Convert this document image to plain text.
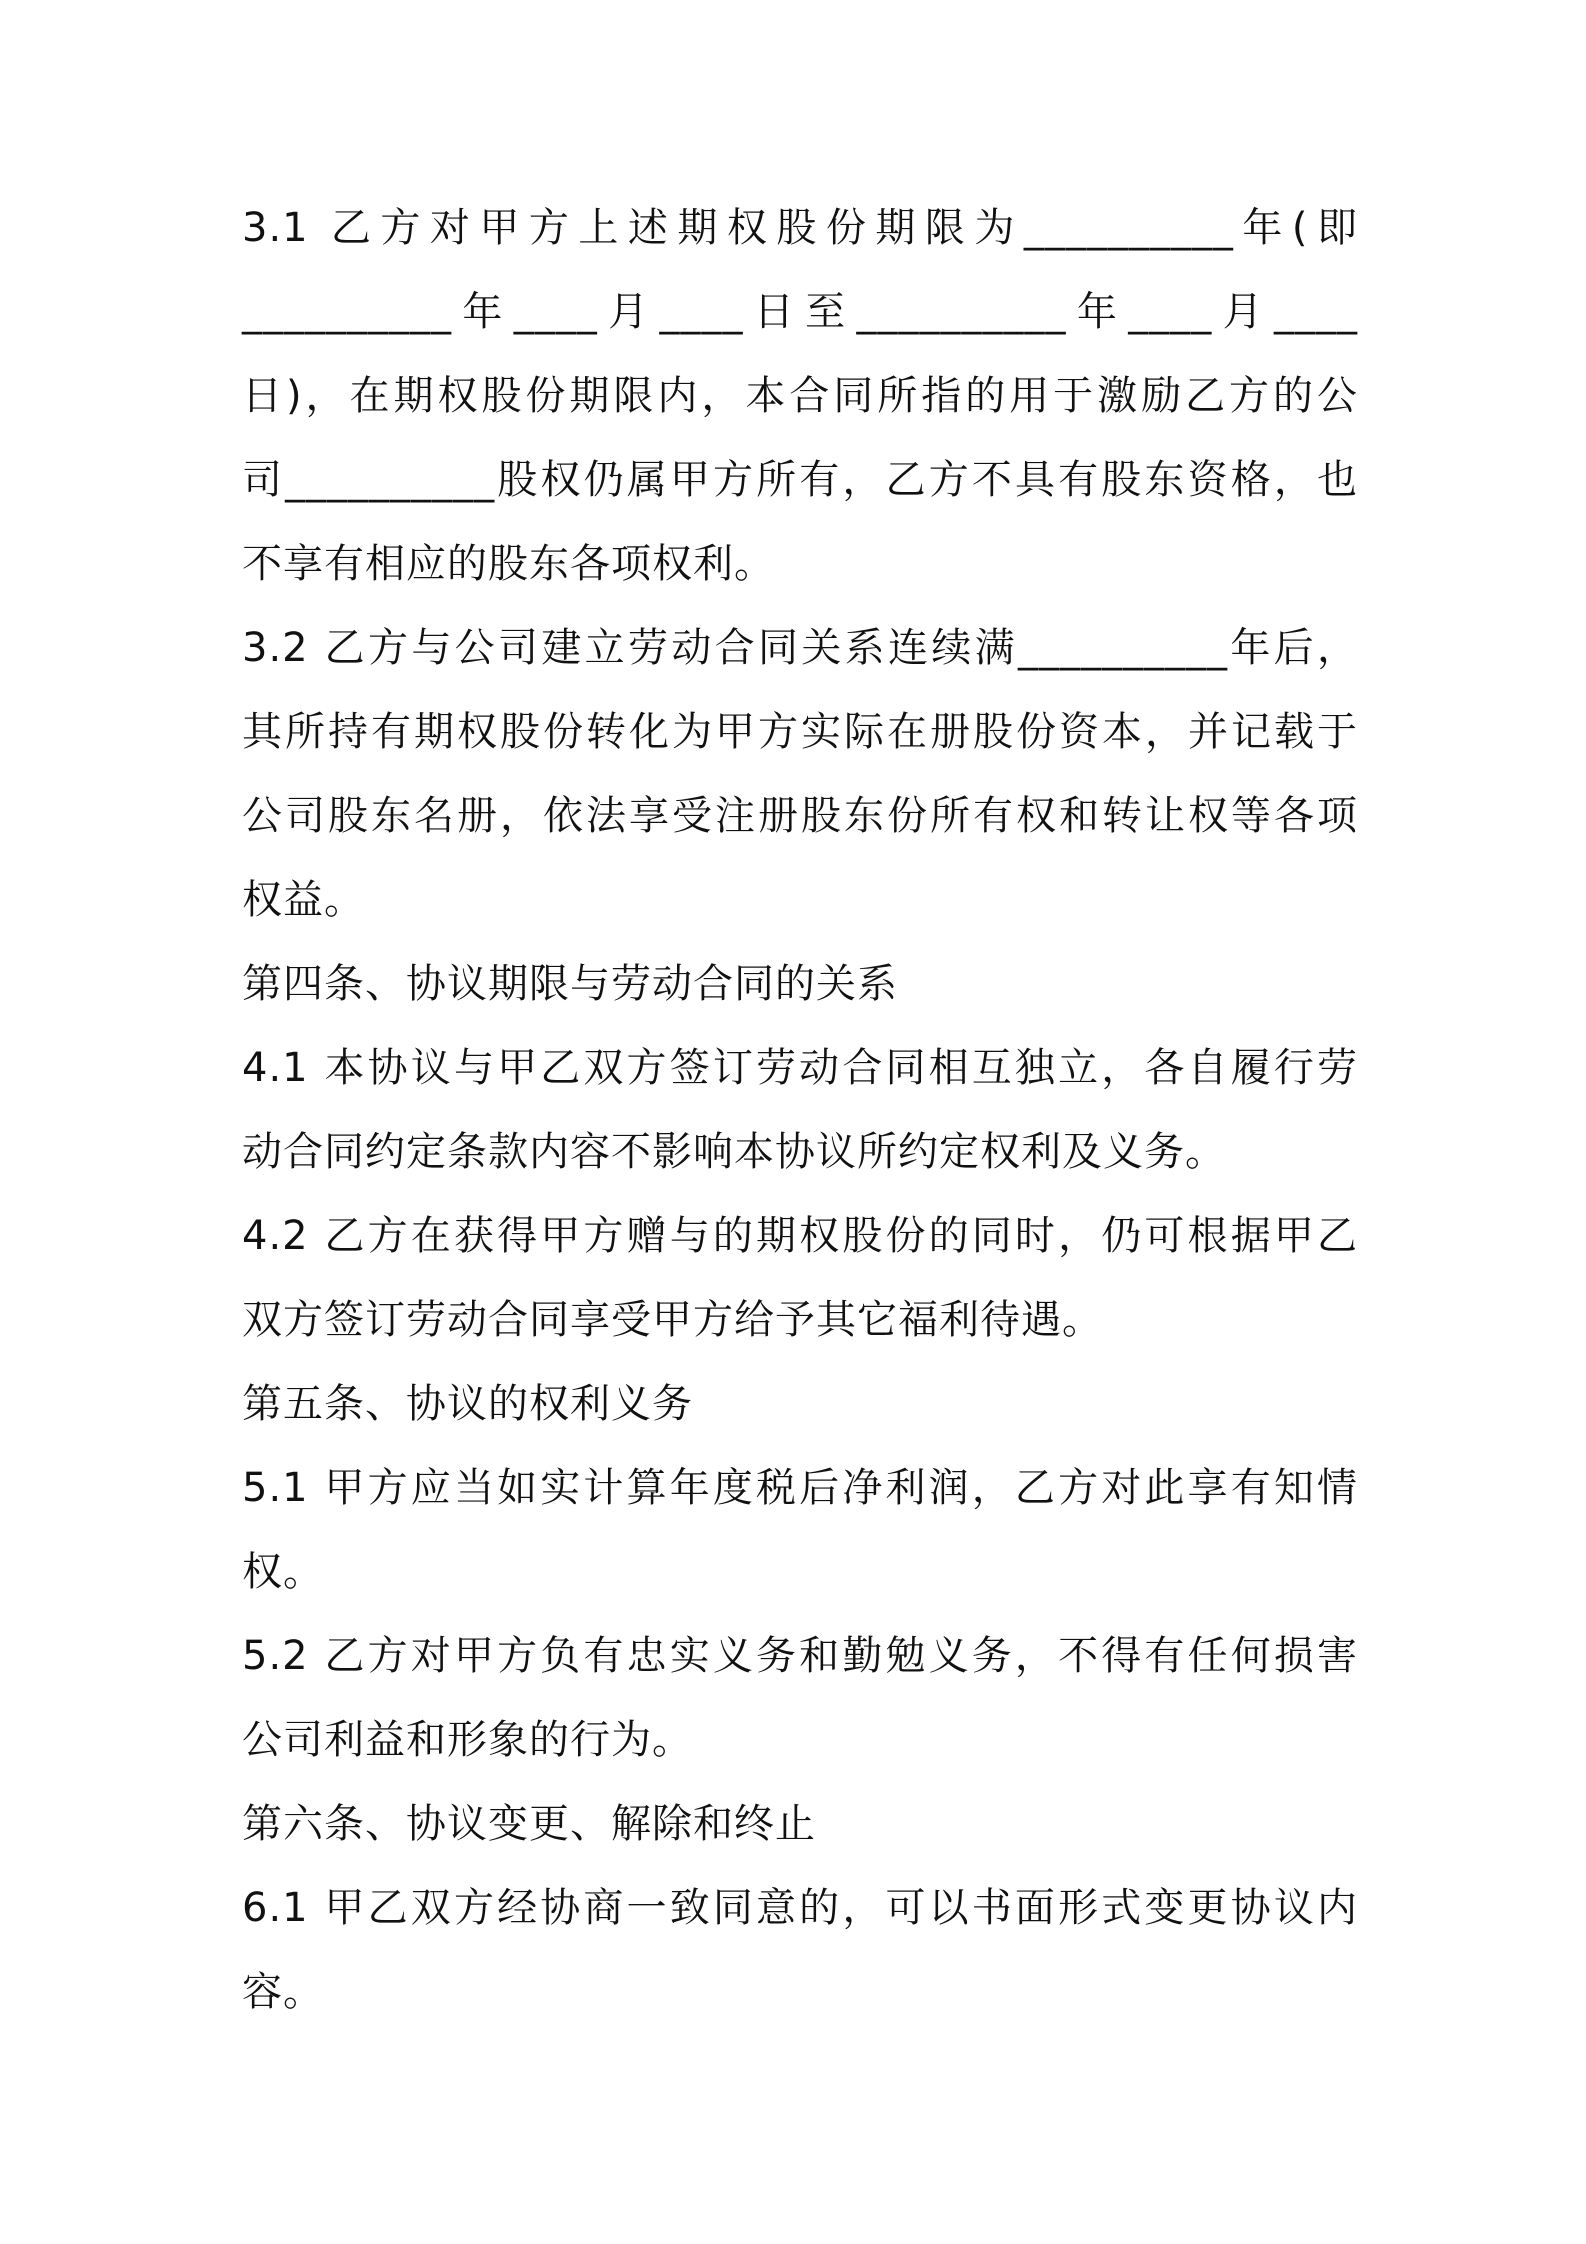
3.1 乙方对甲方上述期权股份期限为__________年(即
__________年____月____日至__________年____月____
日)，在期权股份期限内，本合同所指的用于激励乙方的公
司__________股权仍属甲方所有，乙方不具有股东资格，也
不享有相应的股东各项权利。
3.2 乙方与公司建立劳动合同关系连续满__________年后，
其所持有期权股份转化为甲方实际在册股份资本，并记载于
公司股东名册，依法享受注册股东份所有权和转让权等各项
权益。
第四条、协议期限与劳动合同的关系
4.1 本协议与甲乙双方签订劳动合同相互独立，各自履行劳
动合同约定条款内容不影响本协议所约定权利及义务。
4.2 乙方在获得甲方赠与的期权股份的同时，仍可根据甲乙
双方签订劳动合同享受甲方给予其它福利待遇。
第五条、协议的权利义务
5.1 甲方应当如实计算年度税后净利润，乙方对此享有知情
权。
5.2 乙方对甲方负有忠实义务和勤勉义务，不得有任何损害
公司利益和形象的行为。
第六条、协议变更、解除和终止
6.1 甲乙双方经协商一致同意的，可以书面形式变更协议内
容。
